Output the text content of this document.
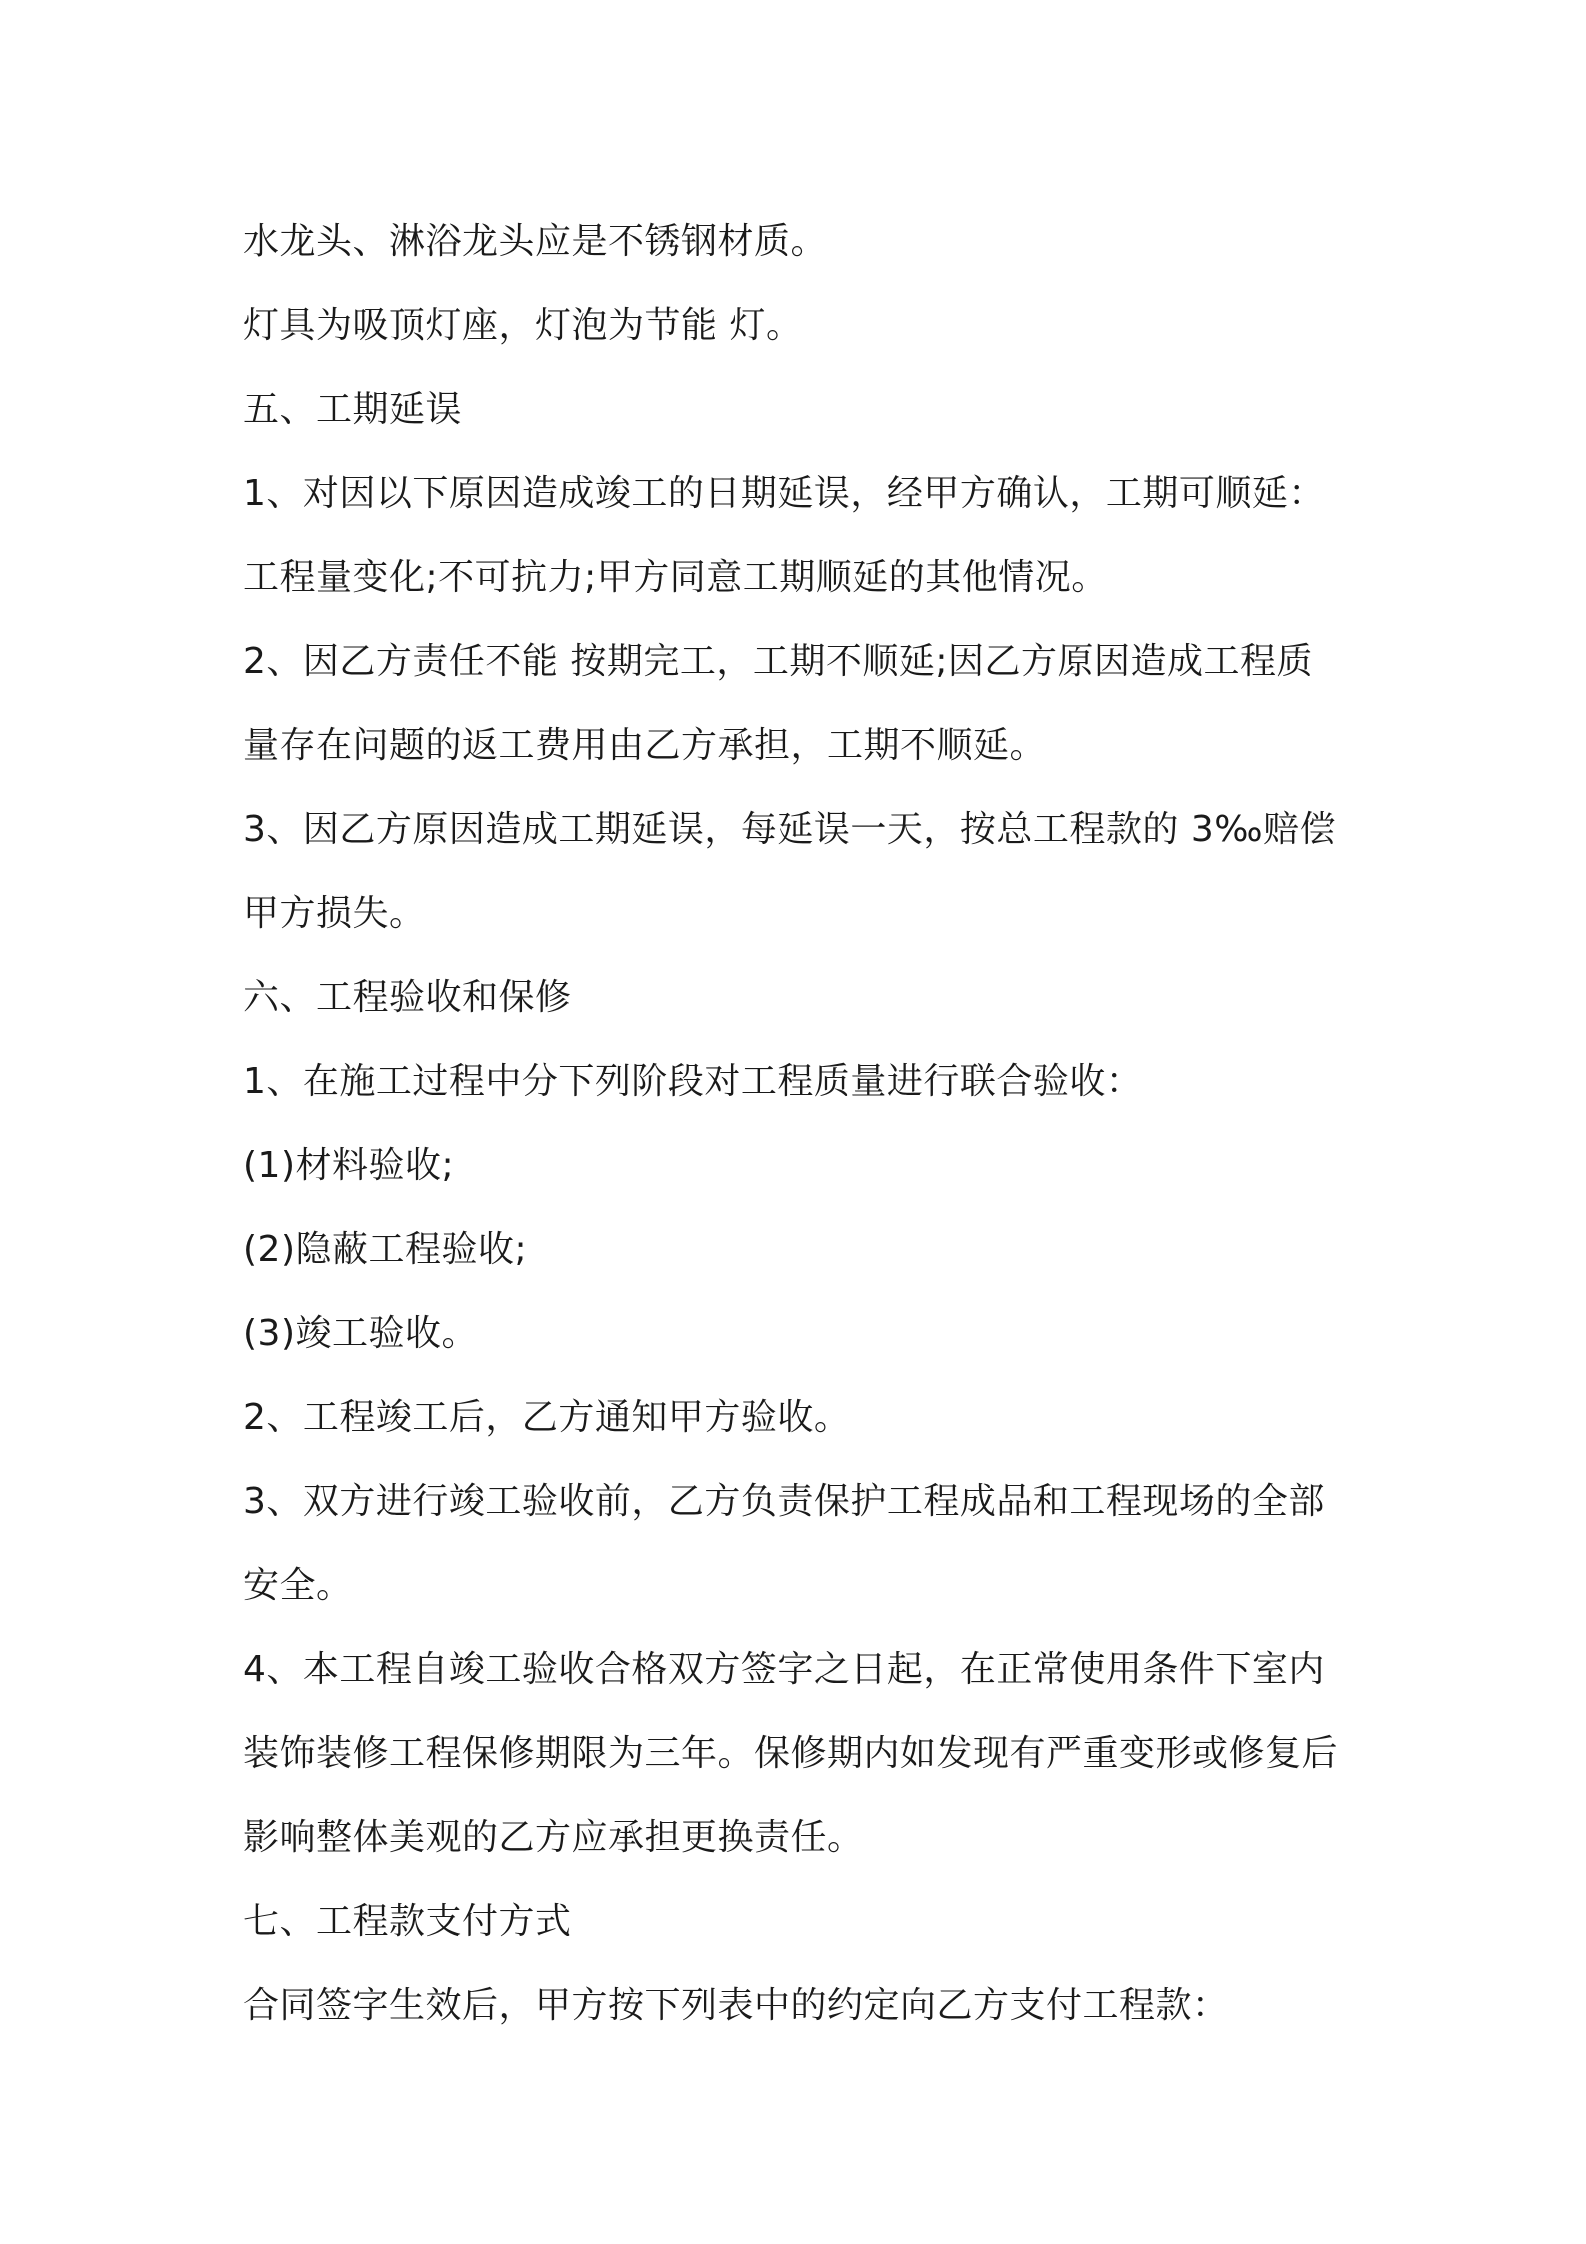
水龙头、淋浴龙头应是不锈钢材质。
灯具为吸顶灯座，灯泡为节能 灯。
五、工期延误
1、对因以下原因造成竣工的日期延误，经甲方确认，工期可顺延：
工程量变化;不可抗力;甲方同意工期顺延的其他情况。
2、因乙方责任不能 按期完工，工期不顺延;因乙方原因造成工程质
量存在问题的返工费用由乙方承担，工期不顺延。
3、因乙方原因造成工期延误，每延误一天，按总工程款的 3‰赔偿
甲方损失。
六、工程验收和保修
1、在施工过程中分下列阶段对工程质量进行联合验收：
(1)材料验收;
(2)隐蔽工程验收;
(3)竣工验收。
2、工程竣工后，乙方通知甲方验收。
3、双方进行竣工验收前，乙方负责保护工程成品和工程现场的全部
安全。
4、本工程自竣工验收合格双方签字之日起，在正常使用条件下室内
装饰装修工程保修期限为三年。保修期内如发现有严重变形或修复后
影响整体美观的乙方应承担更换责任。
七、工程款支付方式
合同签字生效后，甲方按下列表中的约定向乙方支付工程款：
